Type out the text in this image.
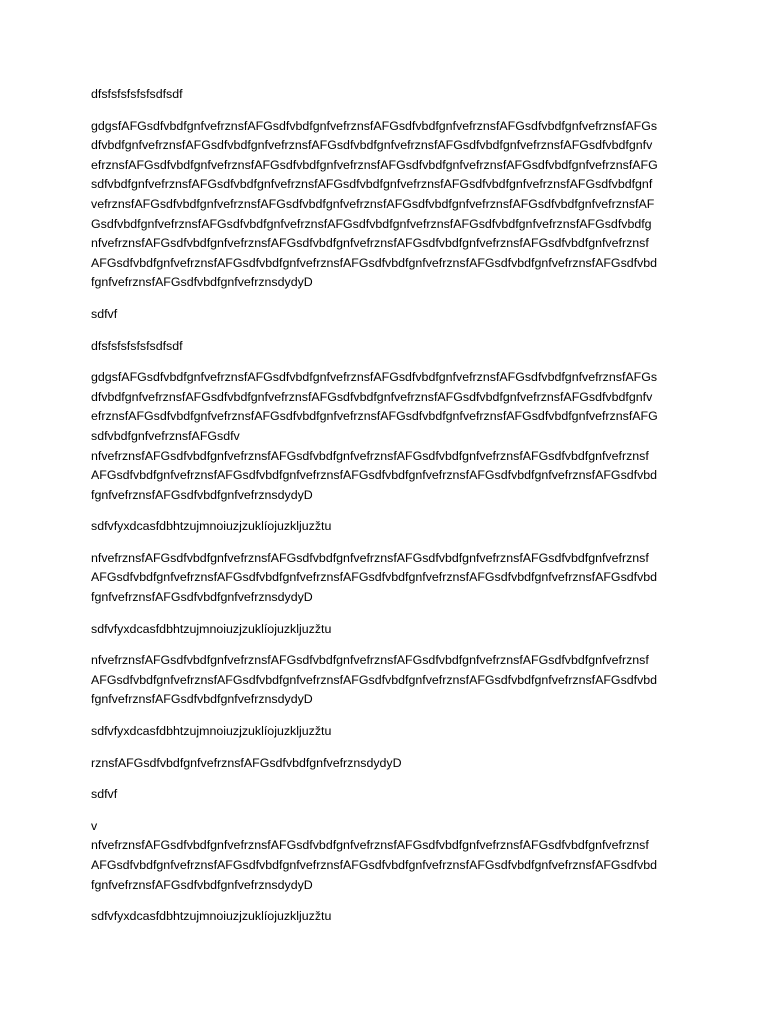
dfsfsfsfsfsfsdfsdf
gdgsfAFGsdfvbdfgnfvefrznsfAFGsdfvbdfgnfvefrznsfAFGsdfvbdfgnfvefrznsfAFGsdfvbdfgnfvefrznsfAFGs
dfvbdfgnfvefrznsfAFGsdfvbdfgnfvefrznsfAFGsdfvbdfgnfvefrznsfAFGsdfvbdfgnfvefrznsfAFGsdfvbdfgnfv
efrznsfAFGsdfvbdfgnfvefrznsfAFGsdfvbdfgnfvefrznsfAFGsdfvbdfgnfvefrznsfAFGsdfvbdfgnfvefrznsfAFG
sdfvbdfgnfvefrznsfAFGsdfvbdfgnfvefrznsfAFGsdfvbdfgnfvefrznsfAFGsdfvbdfgnfvefrznsfAFGsdfvbdfgnf
vefrznsfAFGsdfvbdfgnfvefrznsfAFGsdfvbdfgnfvefrznsfAFGsdfvbdfgnfvefrznsfAFGsdfvbdfgnfvefrznsfAF
GsdfvbdfgnfvefrznsfAFGsdfvbdfgnfvefrznsfAFGsdfvbdfgnfvefrznsfAFGsdfvbdfgnfvefrznsfAFGsdfvbdfg
nfvefrznsfAFGsdfvbdfgnfvefrznsfAFGsdfvbdfgnfvefrznsfAFGsdfvbdfgnfvefrznsfAFGsdfvbdfgnfvefrznsf
AFGsdfvbdfgnfvefrznsfAFGsdfvbdfgnfvefrznsfAFGsdfvbdfgnfvefrznsfAFGsdfvbdfgnfvefrznsfAFGsdfvbd
fgnfvefrznsfAFGsdfvbdfgnfvefrznsdydyD
sdfvf
dfsfsfsfsfsfsdfsdf
gdgsfAFGsdfvbdfgnfvefrznsfAFGsdfvbdfgnfvefrznsfAFGsdfvbdfgnfvefrznsfAFGsdfvbdfgnfvefrznsfAFGs
dfvbdfgnfvefrznsfAFGsdfvbdfgnfvefrznsfAFGsdfvbdfgnfvefrznsfAFGsdfvbdfgnfvefrznsfAFGsdfvbdfgnfv
efrznsfAFGsdfvbdfgnfvefrznsfAFGsdfvbdfgnfvefrznsfAFGsdfvbdfgnfvefrznsfAFGsdfvbdfgnfvefrznsfAFG
sdfvbdfgnfvefrznsfAFGsdfv
nfvefrznsfAFGsdfvbdfgnfvefrznsfAFGsdfvbdfgnfvefrznsfAFGsdfvbdfgnfvefrznsfAFGsdfvbdfgnfvefrznsf
AFGsdfvbdfgnfvefrznsfAFGsdfvbdfgnfvefrznsfAFGsdfvbdfgnfvefrznsfAFGsdfvbdfgnfvefrznsfAFGsdfvbd
fgnfvefrznsfAFGsdfvbdfgnfvefrznsdydyD
sdfvfyxdcasfdbhtzujmnoiuzjzuklíojuzkljuzžtu
nfvefrznsfAFGsdfvbdfgnfvefrznsfAFGsdfvbdfgnfvefrznsfAFGsdfvbdfgnfvefrznsfAFGsdfvbdfgnfvefrznsf
AFGsdfvbdfgnfvefrznsfAFGsdfvbdfgnfvefrznsfAFGsdfvbdfgnfvefrznsfAFGsdfvbdfgnfvefrznsfAFGsdfvbd
fgnfvefrznsfAFGsdfvbdfgnfvefrznsdydyD
sdfvfyxdcasfdbhtzujmnoiuzjzuklíojuzkljuzžtu
nfvefrznsfAFGsdfvbdfgnfvefrznsfAFGsdfvbdfgnfvefrznsfAFGsdfvbdfgnfvefrznsfAFGsdfvbdfgnfvefrznsf
AFGsdfvbdfgnfvefrznsfAFGsdfvbdfgnfvefrznsfAFGsdfvbdfgnfvefrznsfAFGsdfvbdfgnfvefrznsfAFGsdfvbd
fgnfvefrznsfAFGsdfvbdfgnfvefrznsdydyD
sdfvfyxdcasfdbhtzujmnoiuzjzuklíojuzkljuzžtu
rznsfAFGsdfvbdfgnfvefrznsfAFGsdfvbdfgnfvefrznsdydyD
sdfvf
v
nfvefrznsfAFGsdfvbdfgnfvefrznsfAFGsdfvbdfgnfvefrznsfAFGsdfvbdfgnfvefrznsfAFGsdfvbdfgnfvefrznsf
AFGsdfvbdfgnfvefrznsfAFGsdfvbdfgnfvefrznsfAFGsdfvbdfgnfvefrznsfAFGsdfvbdfgnfvefrznsfAFGsdfvbd
fgnfvefrznsfAFGsdfvbdfgnfvefrznsdydyD
sdfvfyxdcasfdbhtzujmnoiuzjzuklíojuzkljuzžtu
